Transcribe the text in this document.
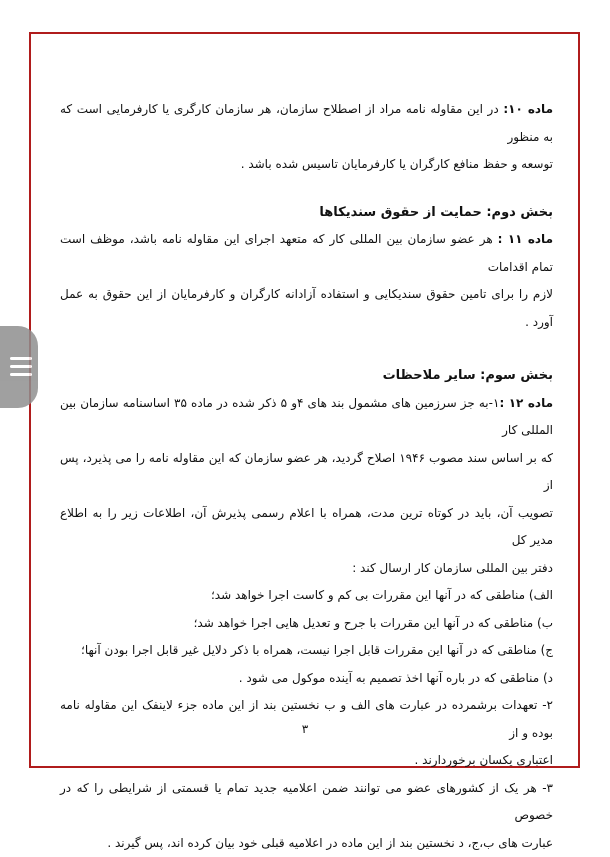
ماده ۱۰: در این مقاوله نامه مراد از اصطلاح سازمان، هر سازمان کارگری یا کارفرمایی است که به منظور

توسعه و حفظ منافع کارگران یا کارفرمایان تاسیس شده باشد .

بخش دوم: حمایت از حقوق سندیکاها

ماده ۱۱ : هر عضو سازمان بین المللی کار که متعهد اجرای این مقاوله نامه باشد، موظف است تمام اقدامات

لازم را برای تامین حقوق سندیکایی و استفاده آزادانه کارگران و کارفرمایان از این حقوق به عمل آورد .

بخش سوم: سایر ملاحظات

ماده ۱۲ :۱-به جز سرزمین های مشمول بند های ۴و ۵ ذکر شده در ماده ۳۵ اساسنامه سازمان بین المللی کار

که بر اساس سند مصوب ۱۹۴۶ اصلاح گردید، هر عضو سازمان که این مقاوله نامه را می پذیرد، پس از

تصویب آن، باید در کوتاه ترین مدت، همراه با اعلام رسمی پذیرش آن، اطلاعات زیر را به اطلاع مدیر کل

دفتر بین المللی سازمان کار ارسال کند :

الف) مناطقی که در آنها این مقررات بی کم و کاست اجرا خواهد شد؛

ب) مناطقی که در آنها این مقررات با جرح و تعدیل هایی اجرا خواهد شد؛

ج) مناطقی که در آنها این مقررات قابل اجرا نیست، همراه با ذکر دلایل غیر قابل اجرا بودن آنها؛

د) مناطقی که در باره آنها اخذ تصمیم به آینده موکول می شود .

۲- تعهدات برشمرده در عبارت های الف و ب نخستین بند از این ماده جزء لاینفک این مقاوله نامه بوده و از

اعتباری یکسان برخوردارند .

۳- هر یک از کشورهای عضو می توانند ضمن اعلامیه جدید تمام یا قسمتی از شرایطی را که در خصوص

عبارت های ب،ج، د نخستین بند از این ماده در اعلامیه قبلی خود بیان کرده اند، پس گیرند .

۳
